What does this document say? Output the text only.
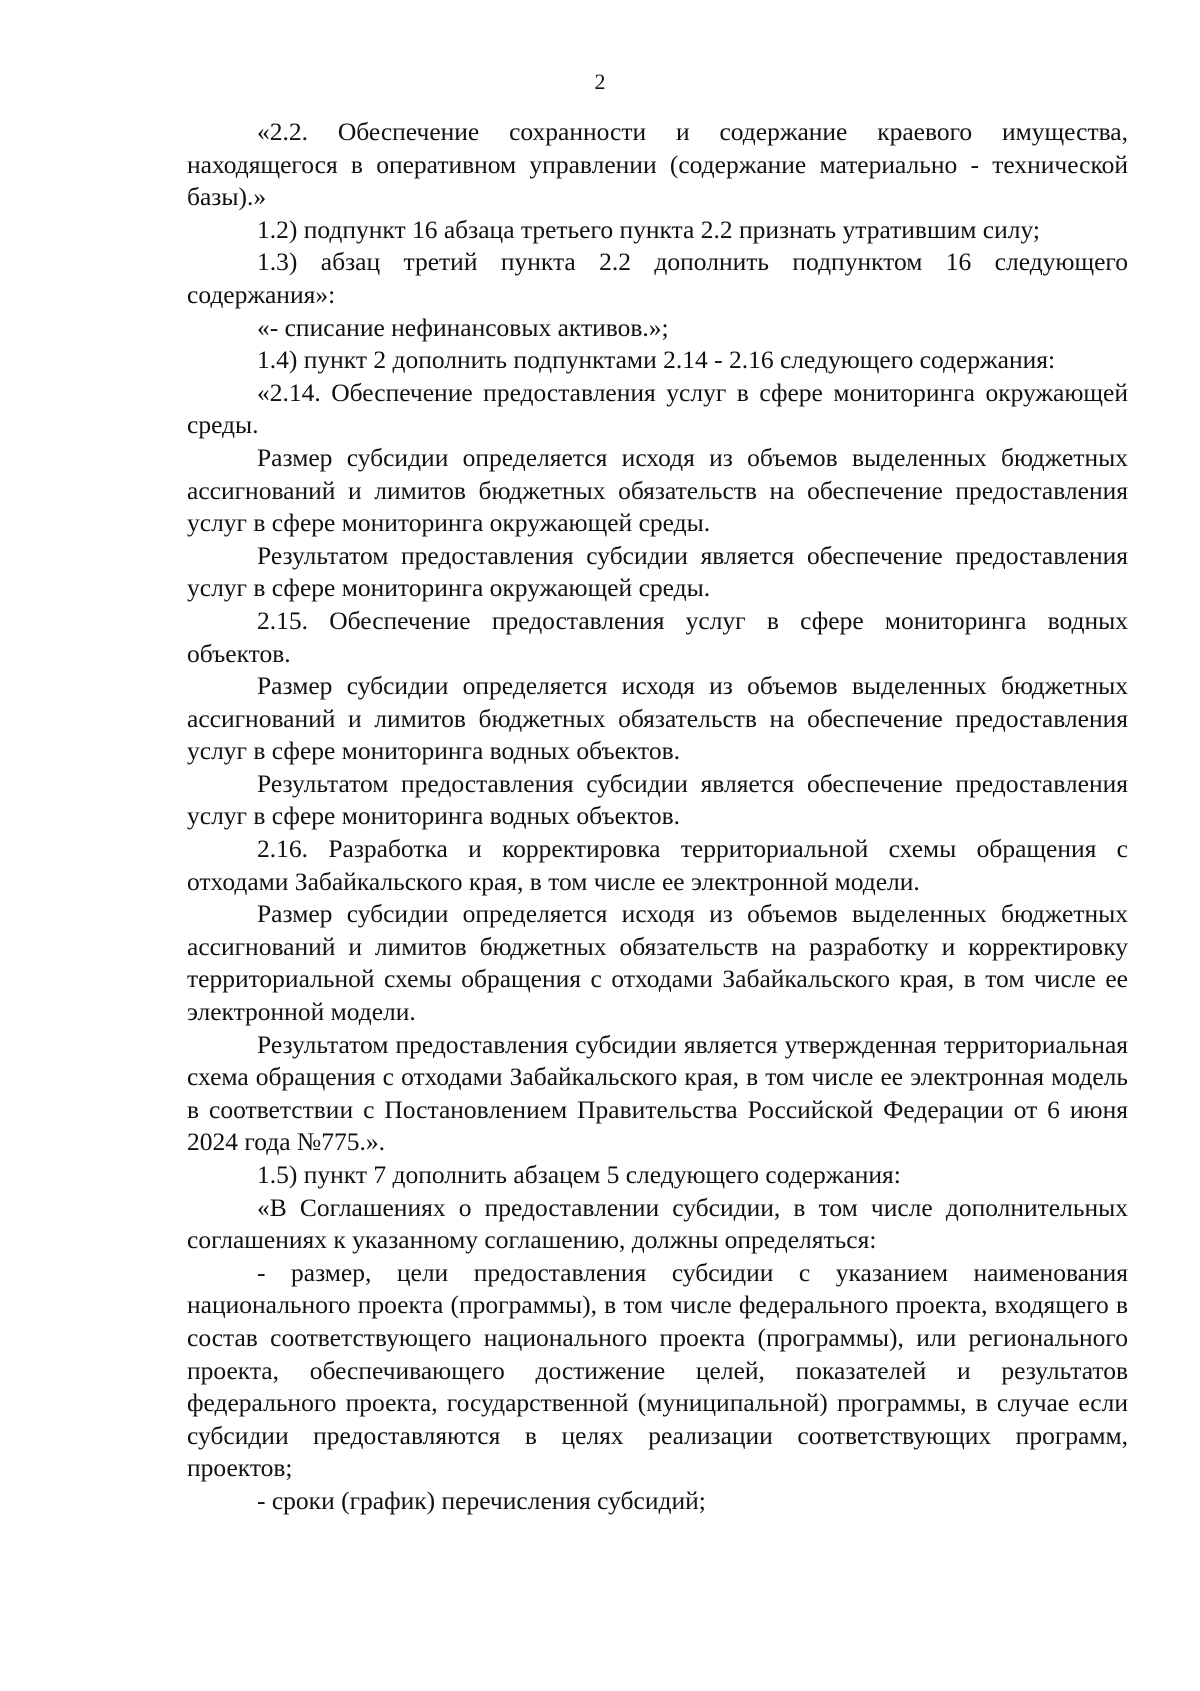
2

«2.2. Обеспечение сохранности и содержание краевого имущества, находящегося в оперативном управлении (содержание материально - технической базы).»

1.2) подпункт 16 абзаца третьего пункта 2.2 признать утратившим силу;

1.3) абзац третий пункта 2.2 дополнить подпунктом 16 следующего содержания»:

«- списание нефинансовых активов.»;

1.4) пункт 2 дополнить подпунктами 2.14 - 2.16 следующего содержания:

«2.14. Обеспечение предоставления услуг в сфере мониторинга окружающей среды.

Размер субсидии определяется исходя из объемов выделенных бюджетных ассигнований и лимитов бюджетных обязательств на обеспечение предоставления услуг в сфере мониторинга окружающей среды.

Результатом предоставления субсидии является обеспечение предоставления услуг в сфере мониторинга окружающей среды.

2.15. Обеспечение предоставления услуг в сфере мониторинга водных объектов.

Размер субсидии определяется исходя из объемов выделенных бюджетных ассигнований и лимитов бюджетных обязательств на обеспечение предоставления услуг в сфере мониторинга водных объектов.

Результатом предоставления субсидии является обеспечение предоставления услуг в сфере мониторинга водных объектов.

2.16. Разработка и корректировка территориальной схемы обращения с отходами Забайкальского края, в том числе ее электронной модели.

Размер субсидии определяется исходя из объемов выделенных бюджетных ассигнований и лимитов бюджетных обязательств на разработку и корректировку территориальной схемы обращения с отходами Забайкальского края, в том числе ее электронной модели.

Результатом предоставления субсидии является утвержденная территориальная схема обращения с отходами Забайкальского края, в том числе ее электронная модель в соответствии с Постановлением Правительства Российской Федерации от 6 июня 2024 года №775.».

1.5) пункт 7 дополнить абзацем 5 следующего содержания:

«В Соглашениях о предоставлении субсидии, в том числе дополнительных соглашениях к указанному соглашению, должны определяться:

- размер, цели предоставления субсидии с указанием наименования национального проекта (программы), в том числе федерального проекта, входящего в состав соответствующего национального проекта (программы), или регионального проекта, обеспечивающего достижение целей, показателей и результатов федерального проекта, государственной (муниципальной) программы, в случае если субсидии предоставляются в целях реализации соответствующих программ, проектов;

- сроки (график) перечисления субсидий;
